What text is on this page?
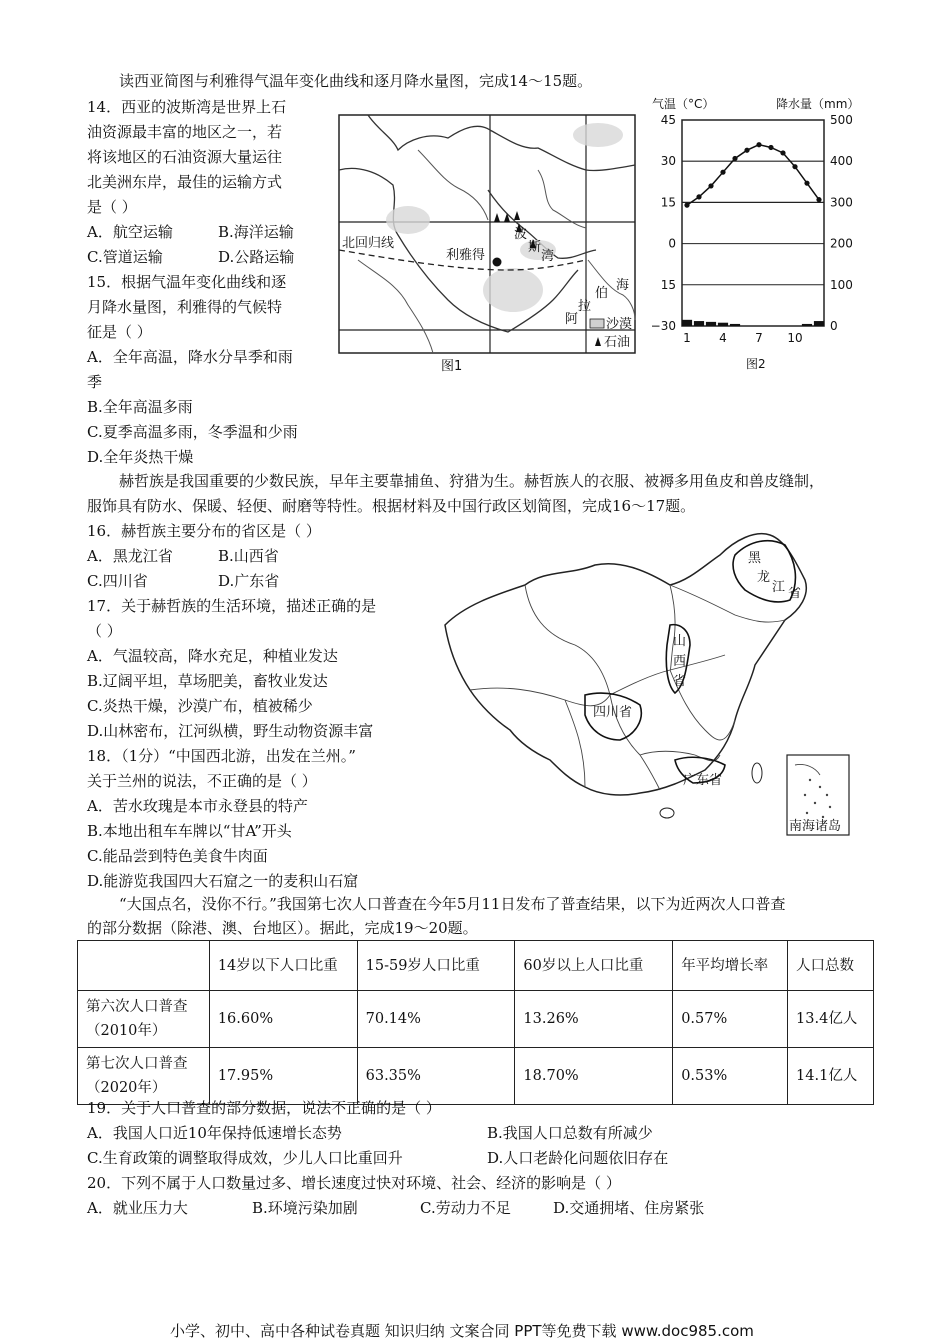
读西亚简图与利雅得气温年变化曲线和逐月降水量图，完成14～15题。
14．西亚的波斯湾是世界上石
油资源最丰富的地区之一，若
将该地区的石油资源大量运往
北美洲东岸，最佳的运输方式
是（ ）
A．航空运输	B.海洋运输
C.管道运输	D.公路运输
15．根据气温年变化曲线和逐
月降水量图，利雅得的气候特
征是（ ）
A．全年高温，降水分旱季和雨
季
B.全年高温多雨
C.夏季高温多雨，冬季温和少雨
D.全年炎热干燥
北回归线
利雅得
波
斯
湾
阿
拉
伯
海
沙漠
石油
图1
气温（°C）	降水量（mm）
45
30
15
0
15
−30
500
400
300
200
100
0
1 4 7 10
图2
赫哲族是我国重要的少数民族，早年主要靠捕鱼、狩猎为生。赫哲族人的衣服、被褥多用鱼皮和兽皮缝制，
服饰具有防水、保暖、轻便、耐磨等特性。根据材料及中国行政区划简图，完成16～17题。
16．赫哲族主要分布的省区是（ ）
A．黑龙江省	B.山西省
C.四川省	D.广东省
17．关于赫哲族的生活环境，描述正确的是
（ ）
A．气温较高，降水充足，种植业发达
B.辽阔平坦，草场肥美，畜牧业发达
C.炎热干燥，沙漠广布，植被稀少
D.山林密布，江河纵横，野生动物资源丰富
18．（1分）“中国西北游，出发在兰州。”
关于兰州的说法，不正确的是（ ）
A．苦水玫瑰是本市永登县的特产
B.本地出租车车牌以“甘A”开头
C.能品尝到特色美食牛肉面
D.能游览我国四大石窟之一的麦积山石窟
黑
龙
江 省
山
西
省
四川省
广东省
南海诸岛
“大国点名，没你不行。”我国第七次人口普查在今年5月11日发布了普查结果，以下为近两次人口普查
的部分数据（除港、澳、台地区）。据此，完成19～20题。
	14岁以下人口比重	15-59岁人口比重	60岁以上人口比重	年平均增长率	人口总数
第六次人口普查（2010年）	16.60%	70.14%	13.26%	0.57%	13.4亿人
第七次人口普查（2020年）	17.95%	63.35%	18.70%	0.53%	14.1亿人
19．关于人口普查的部分数据，说法不正确的是（ ）
A．我国人口近10年保持低速增长态势	B.我国人口总数有所减少
C.生育政策的调整取得成效，少儿人口比重回升	D.人口老龄化问题依旧存在
20．下列不属于人口数量过多、增长速度过快对环境、社会、经济的影响是（ ）
A．就业压力大	B.环境污染加剧	C.劳动力不足	D.交通拥堵、住房紧张
小学、初中、高中各种试卷真题 知识归纳 文案合同 PPT等免费下载 www.doc985.com
